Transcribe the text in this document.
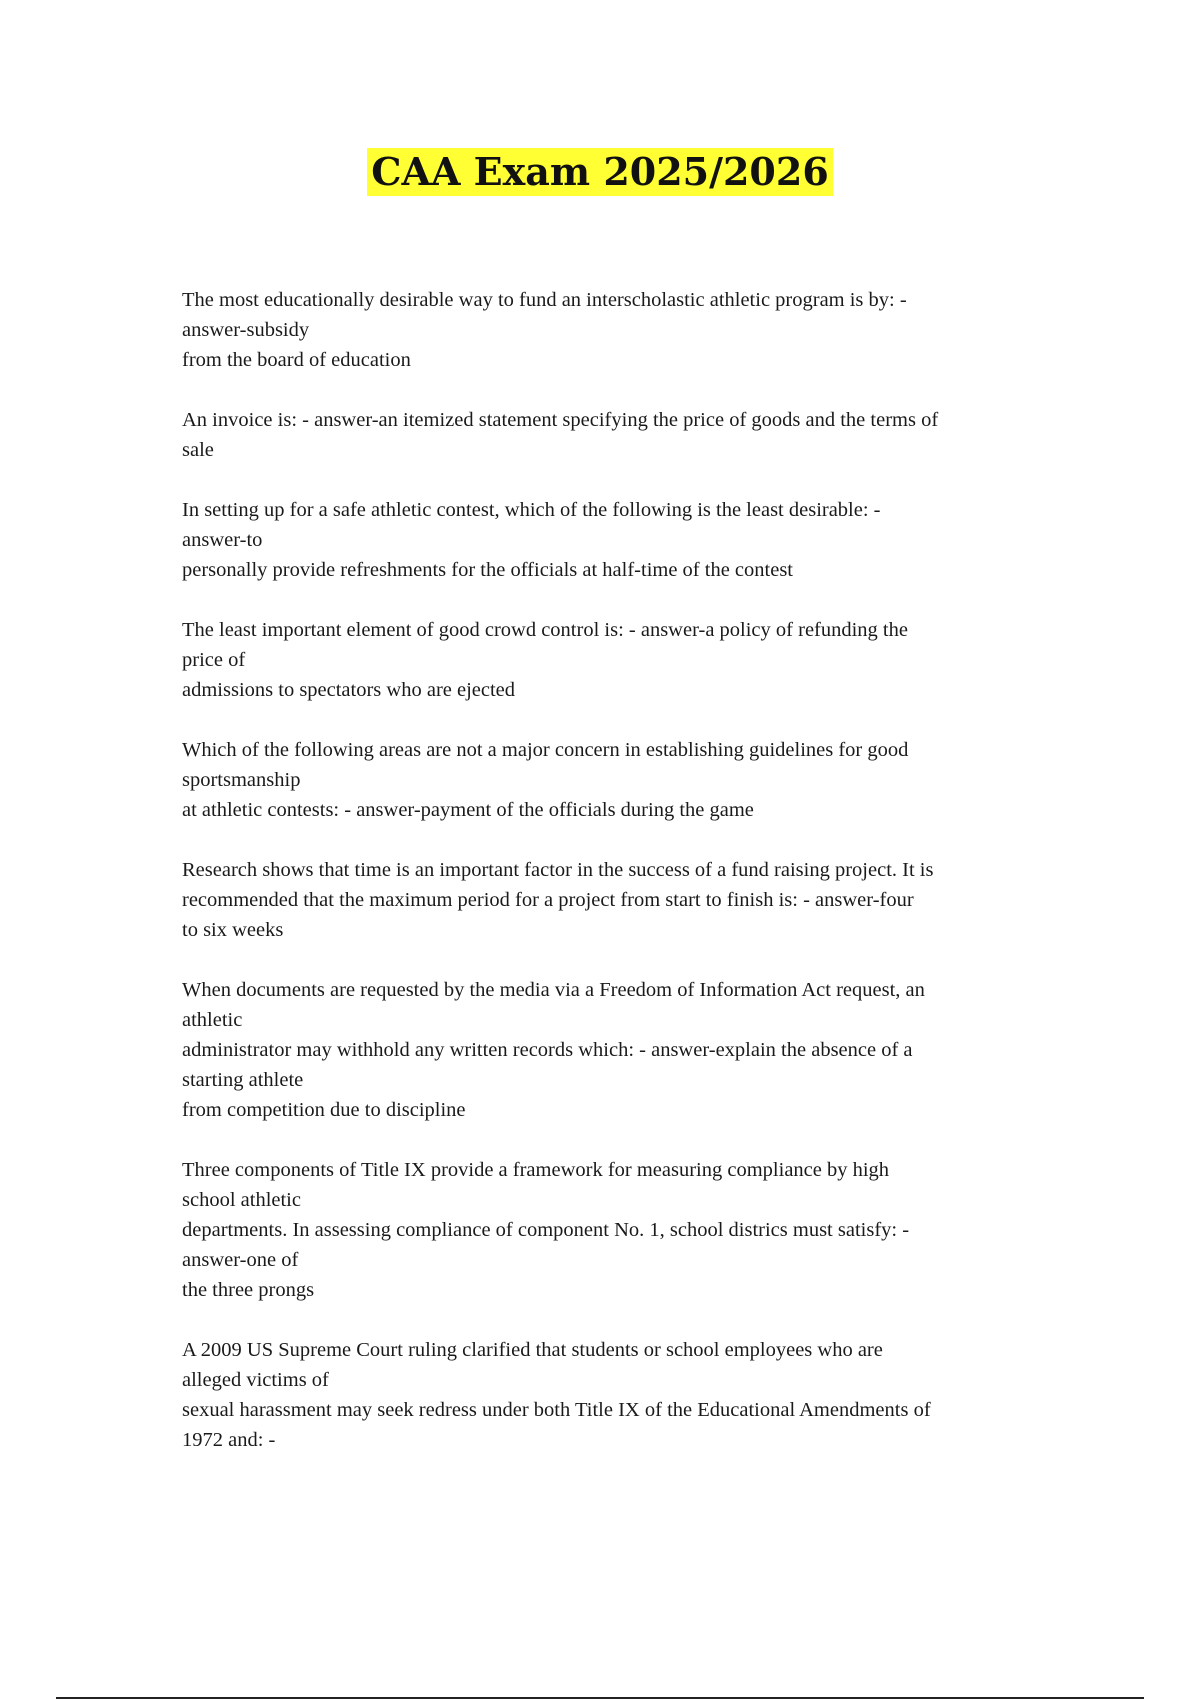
CAA Exam 2025/2026
The most educationally desirable way to fund an interscholastic athletic program is by: -
answer-subsidy
from the board of education
An invoice is: - answer-an itemized statement specifying the price of goods and the terms of
sale
In setting up for a safe athletic contest, which of the following is the least desirable: -
answer-to
personally provide refreshments for the officials at half-time of the contest
The least important element of good crowd control is: - answer-a policy of refunding the
price of
admissions to spectators who are ejected
Which of the following areas are not a major concern in establishing guidelines for good
sportsmanship
at athletic contests: - answer-payment of the officials during the game
Research shows that time is an important factor in the success of a fund raising project. It is
recommended that the maximum period for a project from start to finish is: - answer-four
to six weeks
When documents are requested by the media via a Freedom of Information Act request, an
athletic
administrator may withhold any written records which: - answer-explain the absence of a
starting athlete
from competition due to discipline
Three components of Title IX provide a framework for measuring compliance by high
school athletic
departments. In assessing compliance of component No. 1, school districs must satisfy: -
answer-one of
the three prongs
A 2009 US Supreme Court ruling clarified that students or school employees who are
alleged victims of
sexual harassment may seek redress under both Title IX of the Educational Amendments of
1972 and: -
